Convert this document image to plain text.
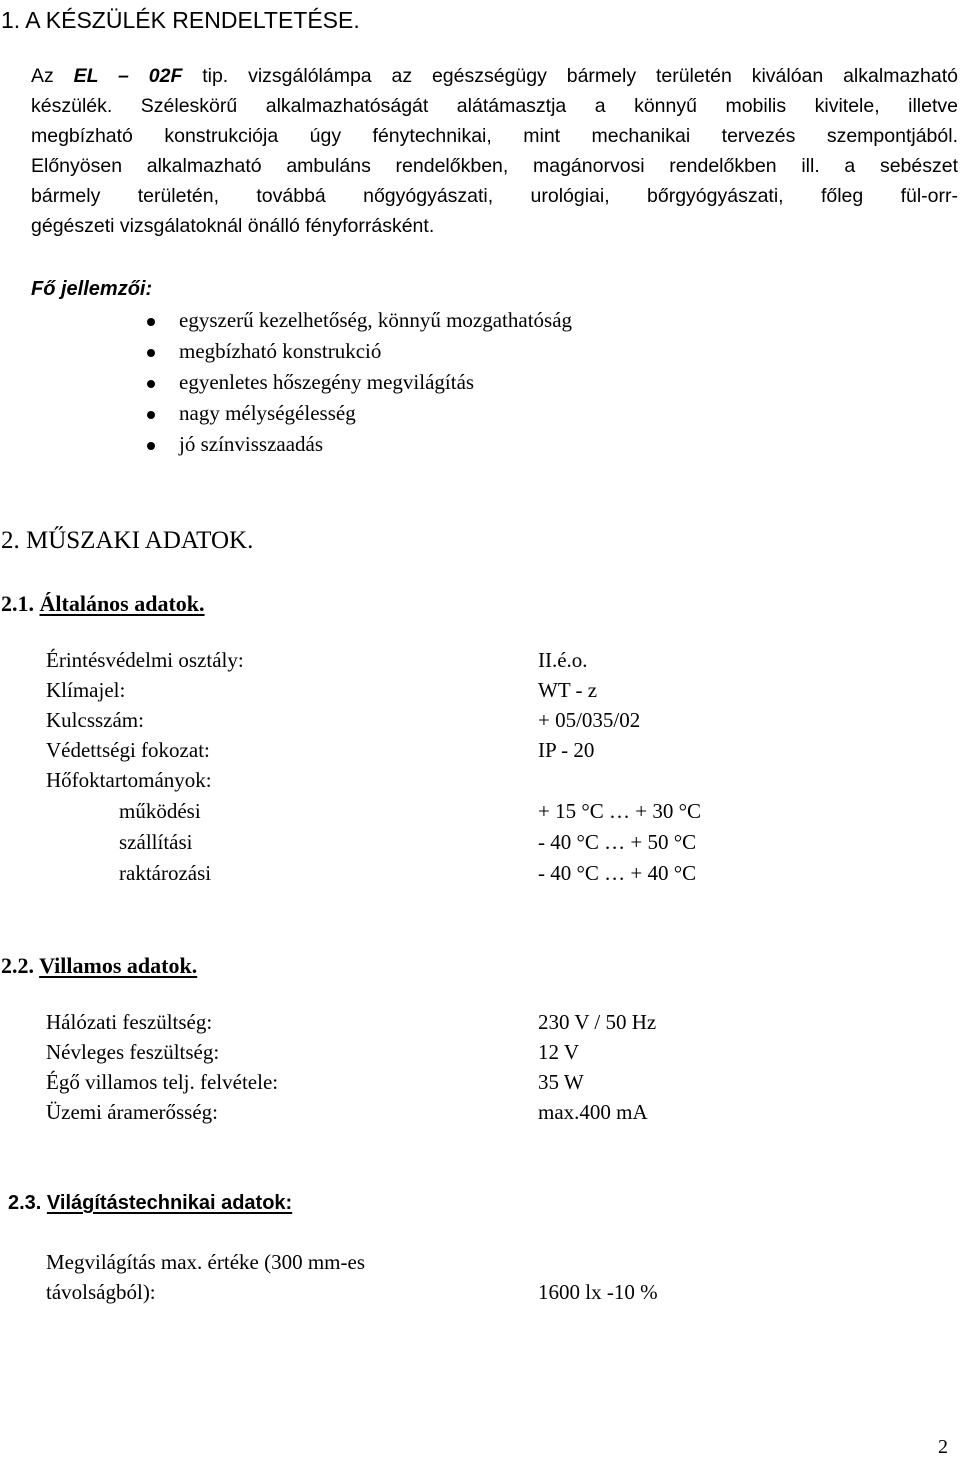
1. A KÉSZÜLÉK RENDELTETÉSE.
Az EL – 02F tip. vizsgálólámpa az egészségügy bármely területén kiválóan alkalmazható
készülék. Széleskörű alkalmazhatóságát alátámasztja a könnyű mobilis kivitele, illetve
megbízható konstrukciója úgy fénytechnikai, mint mechanikai tervezés szempontjából.
Előnyösen alkalmazható ambuláns rendelőkben, magánorvosi rendelőkben ill. a sebészet
bármely területén, továbbá nőgyógyászati, urológiai, bőrgyógyászati, főleg fül-orr-
gégészeti vizsgálatoknál önálló fényforrásként.
Fő jellemzői:
egyszerű kezelhetőség, könnyű mozgathatóság
megbízható konstrukció
egyenletes hőszegény megvilágítás
nagy mélységélesség
jó színvisszaadás
2. MŰSZAKI ADATOK.
2.1. Általános adatok.
Érintésvédelmi osztály:	II.é.o.
Klímajel:	WT - z
Kulcsszám:	+ 05/035/02
Védettségi fokozat:	IP - 20
Hőfoktartományok:
működési	+ 15 °C … + 30 °C
szállítási	- 40 °C … + 50 °C
raktározási	- 40 °C … + 40 °C
2.2. Villamos adatok.
Hálózati feszültség:	230 V / 50 Hz
Névleges feszültség:	12 V
Égő villamos telj. felvétele:	35 W
Üzemi áramerősség:	max.400 mA
2.3. Világítástechnikai adatok:
Megvilágítás max. értéke (300 mm-es
távolságból):	1600 lx -10 %
2
